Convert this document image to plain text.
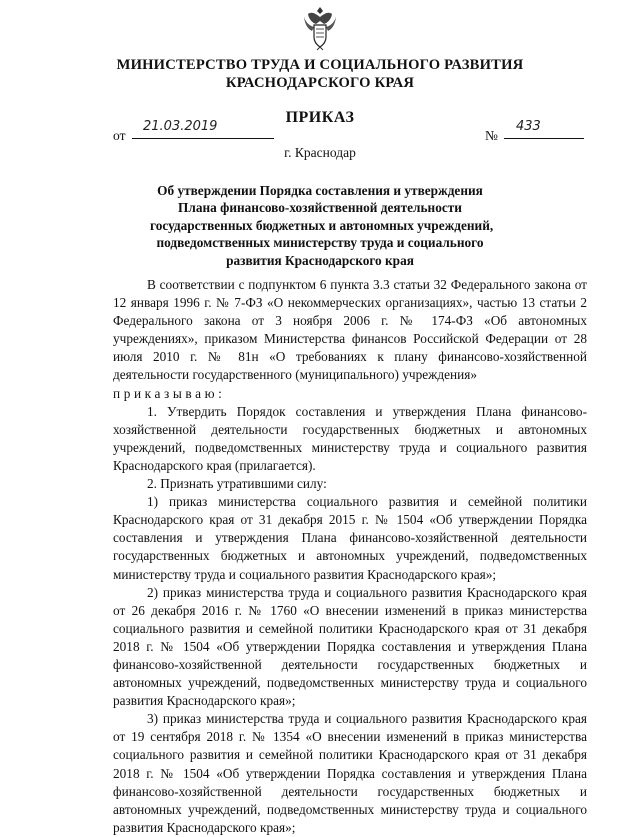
МИНИСТЕРСТВО ТРУДА И СОЦИАЛЬНОГО РАЗВИТИЯ
КРАСНОДАРСКОГО КРАЯ
ПРИКАЗ
от
21.03.2019
№
433
г. Краснодар
Об утверждении Порядка составления и утверждения
Плана финансово-хозяйственной деятельности
государственных бюджетных и автономных учреждений,
подведомственных министерству труда и социального
развития Краснодарского края

В соответствии с подпунктом 6 пункта 3.3 статьи 32 Федерального закона от 12 января 1996 г. № 7-ФЗ «О некоммерческих организациях», частью 13 статьи 2 Федерального закона от 3 ноября 2006 г. № 174-ФЗ «Об автономных учреждениях», приказом Министерства финансов Российской Федерации от 28 июля 2010 г. № 81н «О требованиях к плану финансово-хозяйственной деятельности государственного (муниципального) учреждения»

приказываю:

1. Утвердить Порядок составления и утверждения Плана финансово-хозяйственной деятельности государственных бюджетных и автономных учреждений, подведомственных министерству труда и социального развития Краснодарского края (прилагается).

2. Признать утратившими силу:

1) приказ министерства социального развития и семейной политики Краснодарского края от 31 декабря 2015 г. № 1504 «Об утверждении Порядка составления и утверждения Плана финансово-хозяйственной деятельности государственных бюджетных и автономных учреждений, подведомственных министерству труда и социального развития Краснодарского края»;

2) приказ министерства труда и социального развития Краснодарского края от 26 декабря 2016 г. № 1760 «О внесении изменений в приказ министерства социального развития и семейной политики Краснодарского края от 31 декабря 2018 г. № 1504 «Об утверждении Порядка составления и утверждения Плана финансово-хозяйственной деятельности государственных бюджетных и автономных учреждений, подведомственных министерству труда и социального развития Краснодарского края»;

3) приказ министерства труда и социального развития Краснодарского края от 19 сентября 2018 г. № 1354 «О внесении изменений в приказ министерства социального развития и семейной политики Краснодарского края от 31 декабря 2018 г. № 1504 «Об утверждении Порядка составления и утверждения Плана финансово-хозяйственной деятельности государственных бюджетных и автономных учреждений, подведомственных министерству труда и социального развития Краснодарского края»;
